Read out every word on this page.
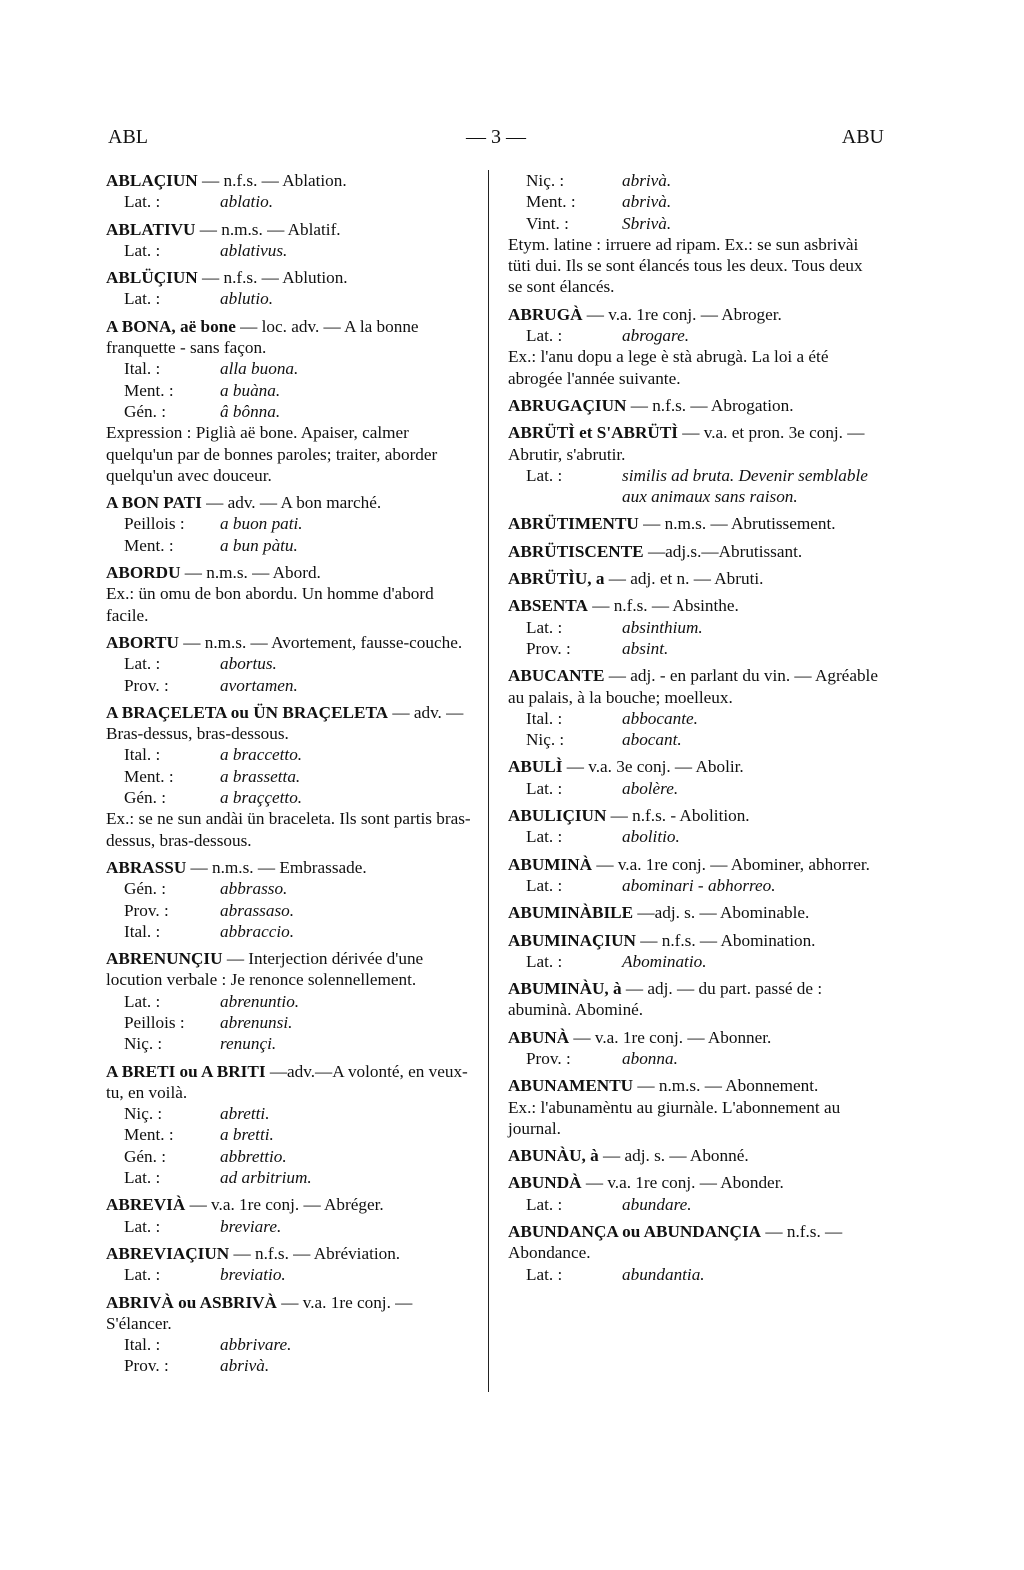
ABL	— 3 —	ABU
ABLAÇIUN — n.f.s. — Ablation.
Lat. :	ablatio.
ABLATIVU — n.m.s. — Ablatif.
Lat. :	ablativus.
ABLÜÇIUN — n.f.s. — Ablution.
Lat. :	ablutio.
A BONA, aë bone — loc. adv. — A la bonne franquette - sans façon.
Ital. :	alla buona.
Ment. :	a buàna.
Gén. :	â bônna.
Expression : Piglià aë bone. Apaiser, calmer quelqu'un par de bonnes paroles; traiter, aborder quelqu'un avec douceur.
A BON PATI — adv. — A bon marché.
Peillois :	a buon pati.
Ment. :	a bun pàtu.
ABORDU — n.m.s. — Abord.
Ex.: ün omu de bon abordu. Un homme d'abord facile.
ABORTU — n.m.s. — Avortement, fausse-couche.
Lat. :	abortus.
Prov. :	avortamen.
A BRAÇELETA ou ÜN BRAÇELETA — adv. — Bras-dessus, bras-dessous.
Ital. :	a braccetto.
Ment. :	a brassetta.
Gén. :	a braççetto.
Ex.: se ne sun andài ün braceleta. Ils sont partis bras-dessus, bras-dessous.
ABRASSU — n.m.s. — Embrassade.
Gén. :	abbrasso.
Prov. :	abrassaso.
Ital. :	abbraccio.
ABRENUNÇIU — Interjection dérivée d'une locution verbale : Je renonce solennellement.
Lat. :	abrenuntio.
Peillois :	abrenunsi.
Niç. :	renunçi.
A BRETI ou A BRITI —adv.—A volonté, en veux-tu, en voilà.
Niç. :	abretti.
Ment. :	a bretti.
Gén. :	abbrettio.
Lat. :	ad arbitrium.
ABREVIÀ — v.a. 1re conj. — Abréger.
Lat. :	breviare.
ABREVIAÇIUN — n.f.s. — Abréviation.
Lat. :	breviatio.
ABRIVÀ ou ASBRIVÀ — v.a. 1re conj. — S'élancer.
Ital. :	abbrivare.
Prov. :	abrivà.
Niç. :	abrivà.
Ment. :	abrivà.
Vint. :	Sbrivà.
Etym. latine : irruere ad ripam. Ex.: se sun asbrivài tüti dui. Ils se sont élancés tous les deux. Tous deux se sont élancés.
ABRUGÀ — v.a. 1re conj. — Abroger.
Lat. :	abrogare.
Ex.: l'anu dopu a lege è stà abrugà. La loi a été abrogée l'année suivante.
ABRUGAÇIUN — n.f.s. — Abrogation.
ABRÜTÌ et S'ABRÜTÌ — v.a. et pron. 3e conj. — Abrutir, s'abrutir.
Lat. :	similis ad bruta. Devenir semblable aux animaux sans raison.
ABRÜTIMENTU — n.m.s. — Abrutissement.
ABRÜTISCENTE —adj.s.—Abrutissant.
ABRÜTÌU, a — adj. et n. — Abruti.
ABSENTA — n.f.s. — Absinthe.
Lat. :	absinthium.
Prov. :	absint.
ABUCANTE — adj. - en parlant du vin. — Agréable au palais, à la bouche; moelleux.
Ital. :	abbocante.
Niç. :	abocant.
ABULÌ — v.a. 3e conj. — Abolir.
Lat. :	abolère.
ABULIÇIUN — n.f.s. - Abolition.
Lat. :	abolitio.
ABUMINÀ — v.a. 1re conj. — Abominer, abhorrer.
Lat. :	abominari - abhorreo.
ABUMINÀBILE —adj. s. — Abominable.
ABUMINAÇIUN — n.f.s. — Abomination.
Lat. :	Abominatio.
ABUMINÀU, à — adj. — du part. passé de : abuminà. Abominé.
ABUNÀ — v.a. 1re conj. — Abonner.
Prov. :	abonna.
ABUNAMENTU — n.m.s. — Abonnement.
Ex.: l'abunamèntu au giurnàle. L'abonnement au journal.
ABUNÀU, à — adj. s. — Abonné.
ABUNDÀ — v.a. 1re conj. — Abonder.
Lat. :	abundare.
ABUNDANÇA ou ABUNDANÇIA — n.f.s. — Abondance.
Lat. :	abundantia.
